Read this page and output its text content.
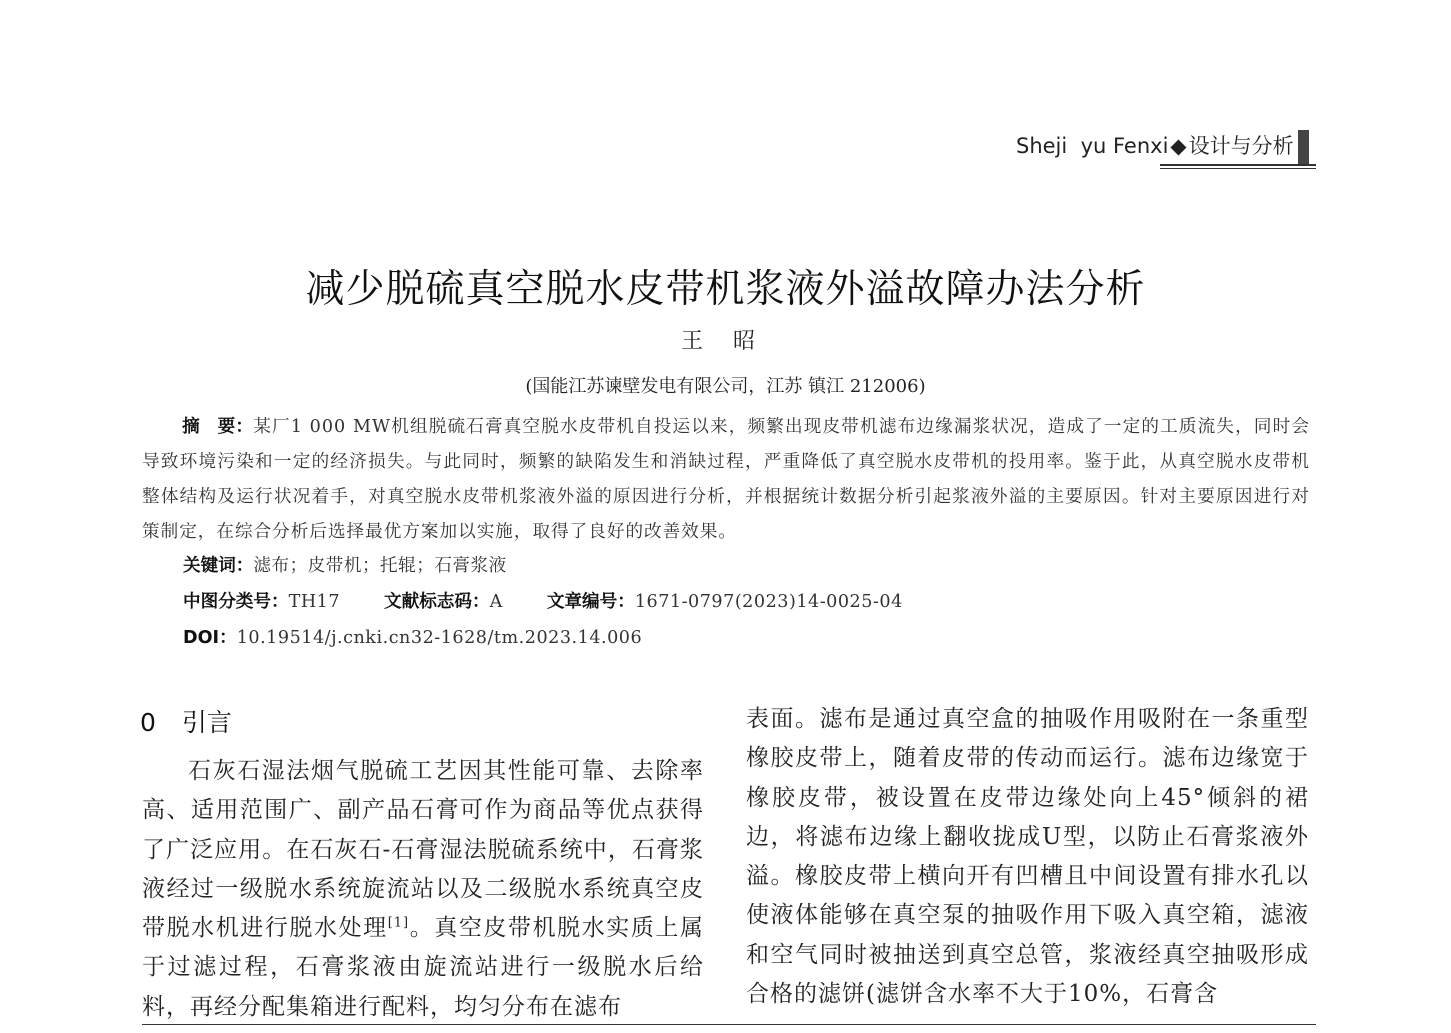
Sheji  yu Fenxi◆设计与分析
减少脱硫真空脱水皮带机浆液外溢故障办法分析
王昭
(国能江苏谏壁发电有限公司，江苏 镇江 212006)
摘　要：某厂1 000 MW机组脱硫石膏真空脱水皮带机自投运以来，频繁出现皮带机滤布边缘漏浆状况，造成了一定的工质流失，同时会导致环境污染和一定的经济损失。与此同时，频繁的缺陷发生和消缺过程，严重降低了真空脱水皮带机的投用率。鉴于此，从真空脱水皮带机整体结构及运行状况着手，对真空脱水皮带机浆液外溢的原因进行分析，并根据统计数据分析引起浆液外溢的主要原因。针对主要原因进行对策制定，在综合分析后选择最优方案加以实施，取得了良好的改善效果。
关键词：滤布；皮带机；托辊；石膏浆液
中图分类号：TH17	文献标志码：A	文章编号：1671-0797(2023)14-0025-04
DOI：10.19514/j.cnki.cn32-1628/tm.2023.14.006
0 引言

石灰石湿法烟气脱硫工艺因其性能可靠、去除率高、适用范围广、副产品石膏可作为商品等优点获得了广泛应用。在石灰石-石膏湿法脱硫系统中，石膏浆液经过一级脱水系统旋流站以及二级脱水系统真空皮带脱水机进行脱水处理[1]。真空皮带机脱水实质上属于过滤过程，石膏浆液由旋流站进行一级脱水后给料，再经分配集箱进行配料，均匀分布在滤布

表面。滤布是通过真空盒的抽吸作用吸附在一条重型橡胶皮带上，随着皮带的传动而运行。滤布边缘宽于橡胶皮带，被设置在皮带边缘处向上45°倾斜的裙边，将滤布边缘上翻收拢成U型，以防止石膏浆液外溢。橡胶皮带上横向开有凹槽且中间设置有排水孔以使液体能够在真空泵的抽吸作用下吸入真空箱，滤液和空气同时被抽送到真空总管，浆液经真空抽吸形成合格的滤饼(滤饼含水率不大于10%，石膏含
